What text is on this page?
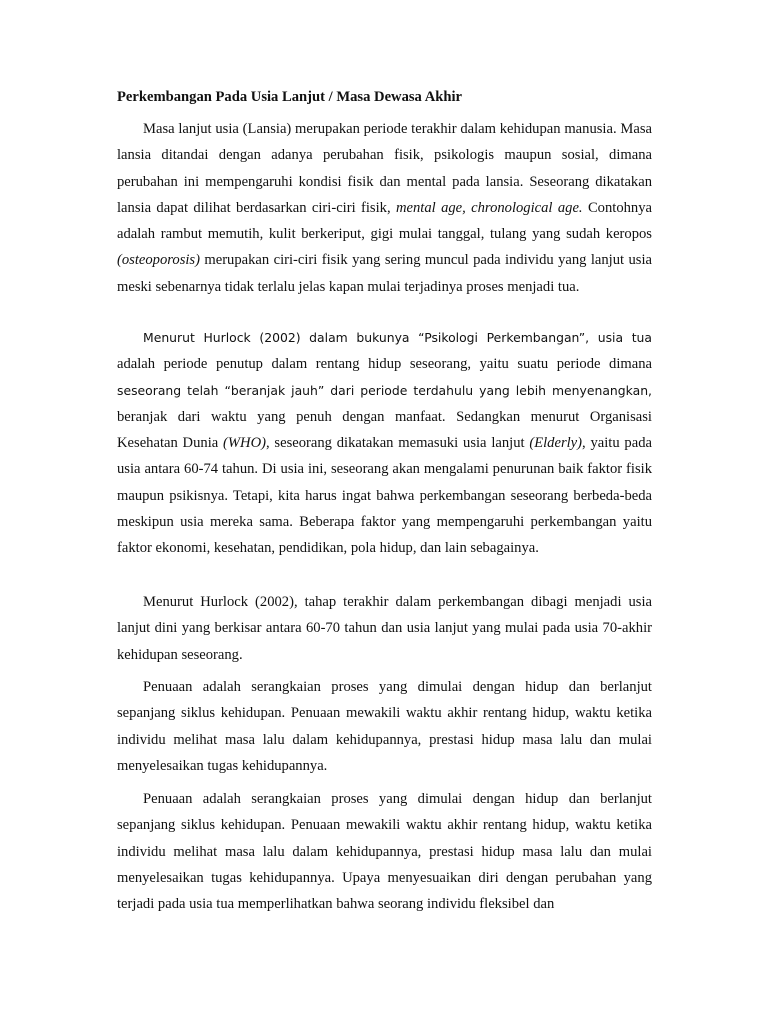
Perkembangan Pada Usia Lanjut / Masa Dewasa Akhir

Masa lanjut usia (Lansia) merupakan periode terakhir dalam kehidupan manusia. Masa lansia ditandai dengan adanya perubahan fisik, psikologis maupun sosial, dimana perubahan ini mempengaruhi kondisi fisik dan mental pada lansia. Seseorang dikatakan lansia dapat dilihat berdasarkan ciri-ciri fisik, mental age, chronological age. Contohnya adalah rambut memutih, kulit berkeriput, gigi mulai tanggal, tulang yang sudah keropos (osteoporosis) merupakan ciri-ciri fisik yang sering muncul pada individu yang lanjut usia meski sebenarnya tidak terlalu jelas kapan mulai terjadinya proses menjadi tua.

Menurut Hurlock (2002) dalam bukunya “Psikologi Perkembangan”, usia tua adalah periode penutup dalam rentang hidup seseorang, yaitu suatu periode dimana seseorang telah “beranjak jauh” dari periode terdahulu yang lebih menyenangkan, beranjak dari waktu yang penuh dengan manfaat. Sedangkan menurut Organisasi Kesehatan Dunia (WHO), seseorang dikatakan memasuki usia lanjut (Elderly), yaitu pada usia antara 60-74 tahun. Di usia ini, seseorang akan mengalami penurunan baik faktor fisik maupun psikisnya. Tetapi, kita harus ingat bahwa perkembangan seseorang berbeda-beda meskipun usia mereka sama. Beberapa faktor yang mempengaruhi perkembangan yaitu faktor ekonomi, kesehatan, pendidikan, pola hidup, dan lain sebagainya.

Menurut Hurlock (2002), tahap terakhir dalam perkembangan dibagi menjadi usia lanjut dini yang berkisar antara 60-70 tahun dan usia lanjut yang mulai pada usia 70-akhir kehidupan seseorang.

Penuaan adalah serangkaian proses yang dimulai dengan hidup dan berlanjut sepanjang siklus kehidupan. Penuaan mewakili waktu akhir rentang hidup, waktu ketika individu melihat masa lalu dalam kehidupannya, prestasi hidup masa lalu dan mulai menyelesaikan tugas kehidupannya.

Penuaan adalah serangkaian proses yang dimulai dengan hidup dan berlanjut sepanjang siklus kehidupan. Penuaan mewakili waktu akhir rentang hidup, waktu ketika individu melihat masa lalu dalam kehidupannya, prestasi hidup masa lalu dan mulai menyelesaikan tugas kehidupannya. Upaya menyesuaikan diri dengan perubahan yang terjadi pada usia tua memperlihatkan bahwa seorang individu fleksibel dan
